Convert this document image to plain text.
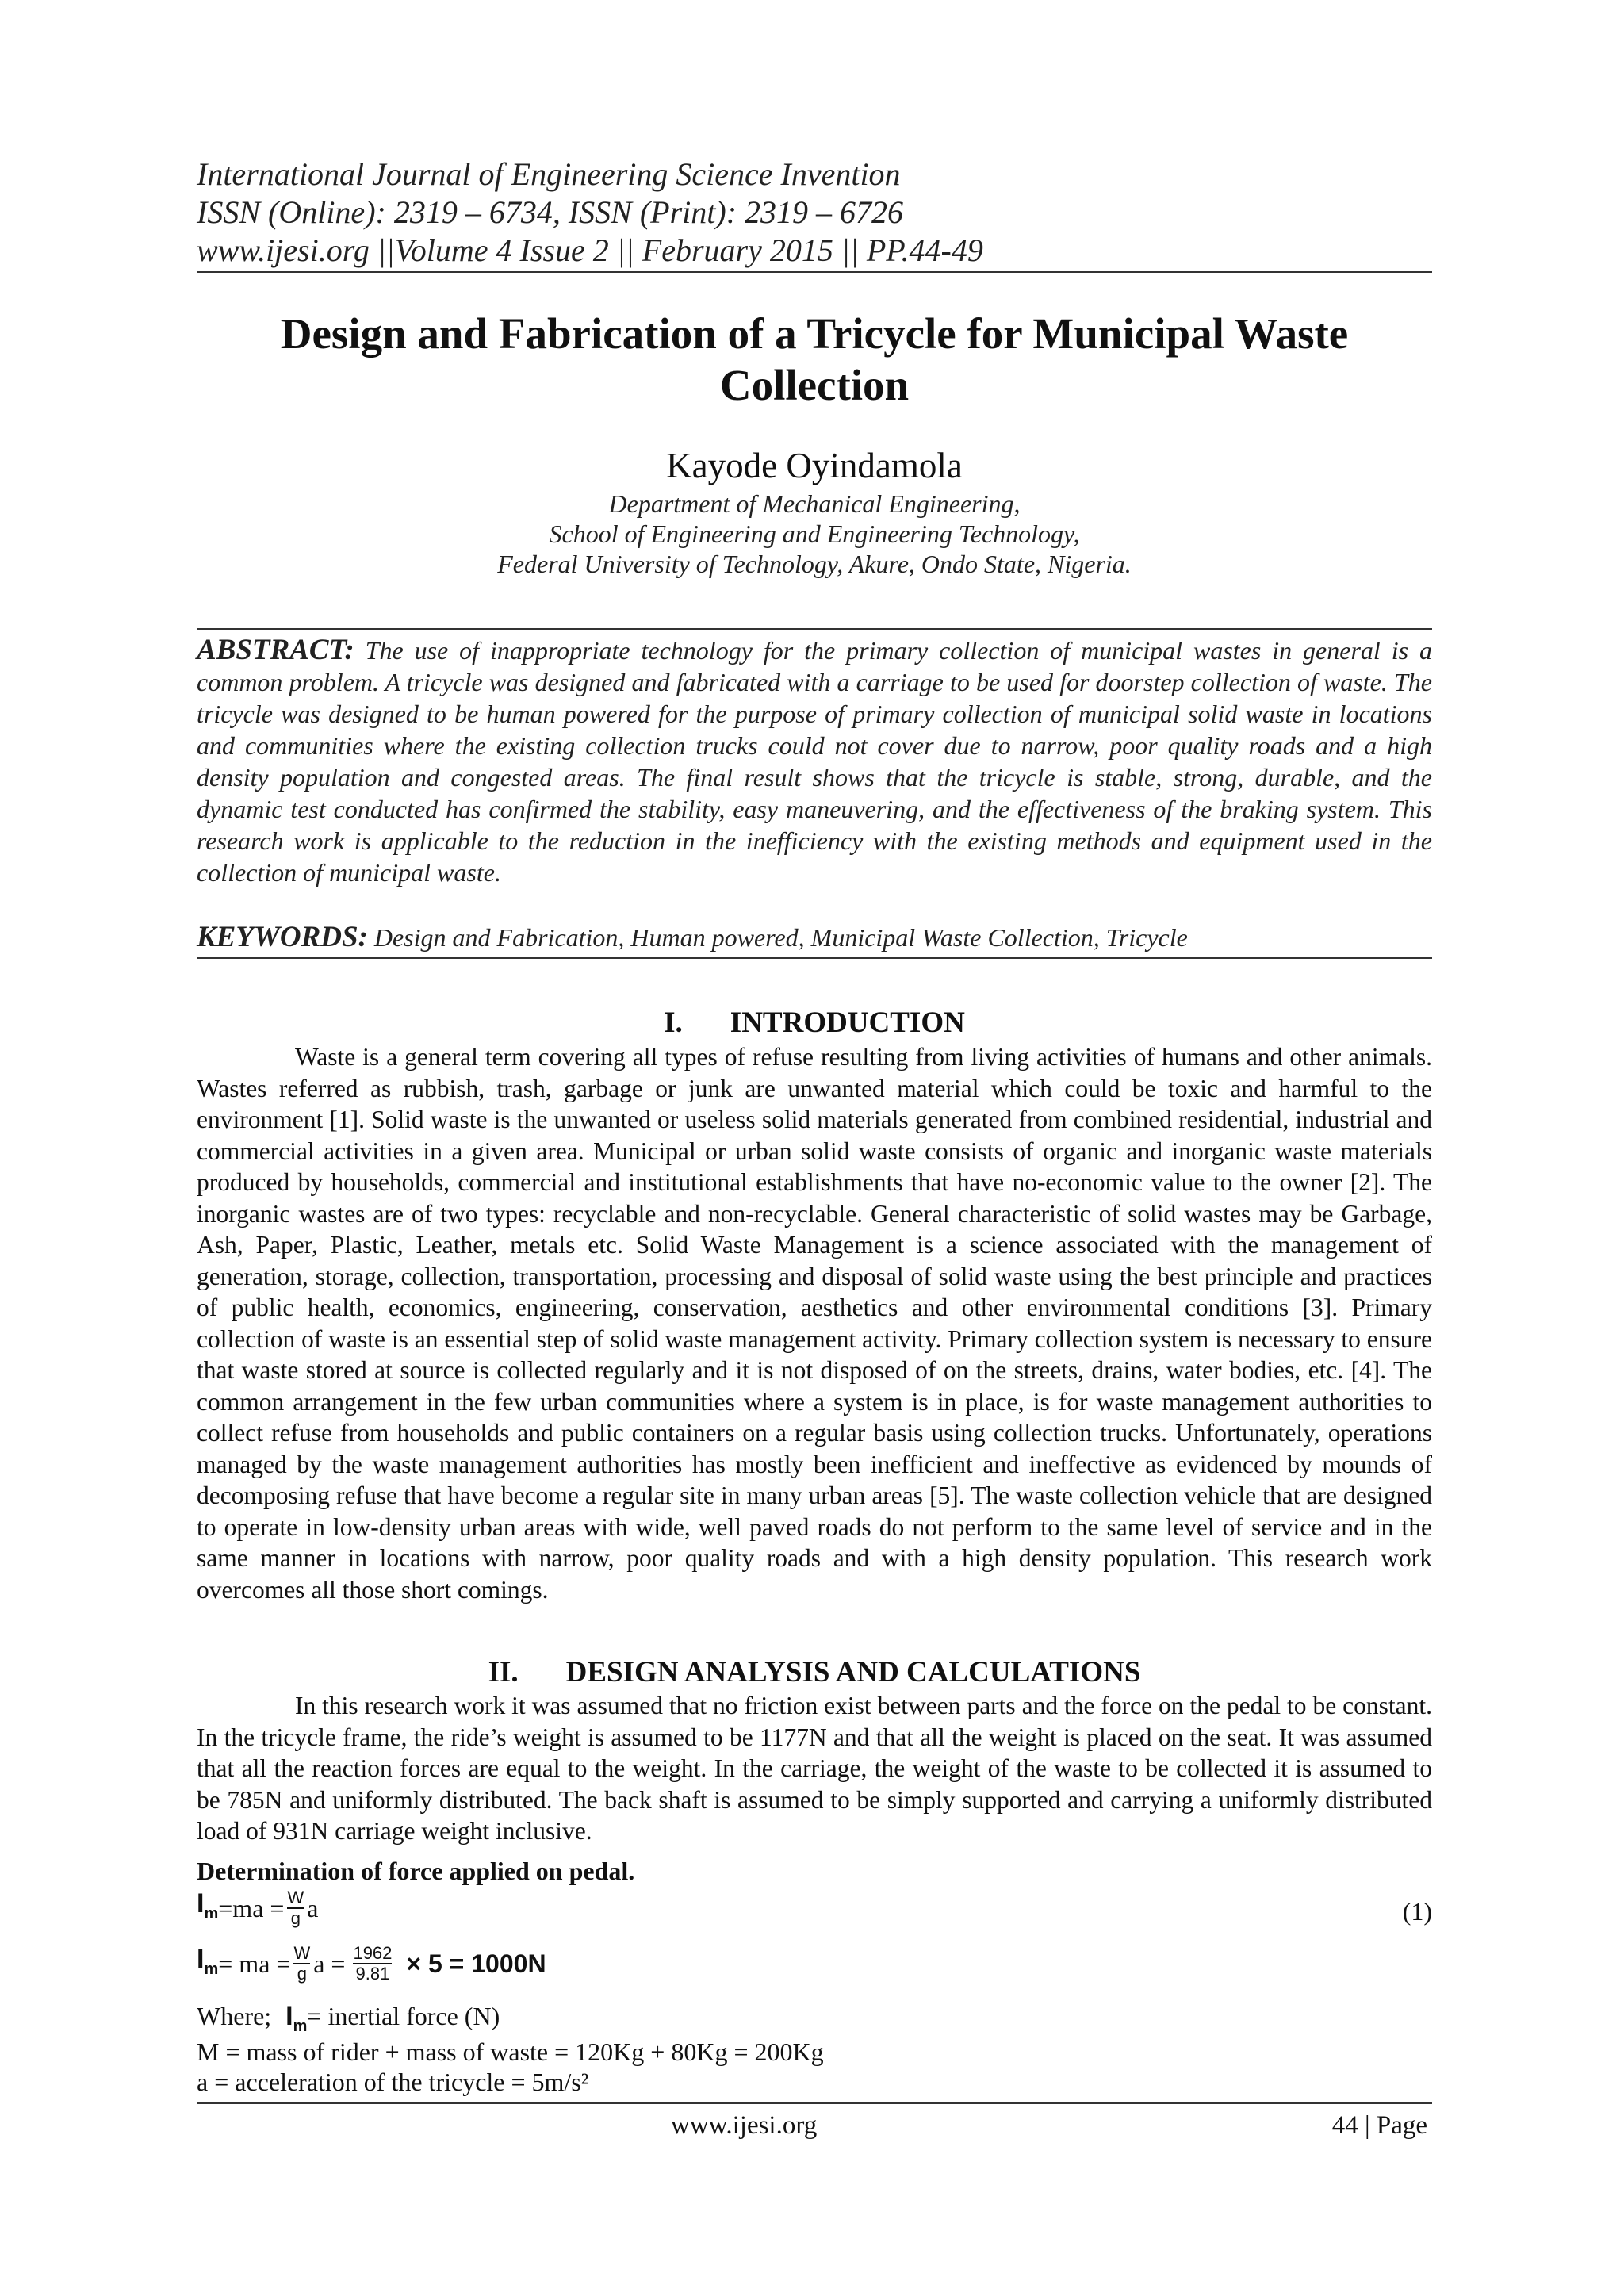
International Journal of Engineering Science Invention
ISSN (Online): 2319 – 6734, ISSN (Print): 2319 – 6726
www.ijesi.org ||Volume 4 Issue 2 || February 2015 || PP.44-49
Design and Fabrication of a Tricycle for Municipal Waste
Collection
Kayode Oyindamola
Department of Mechanical Engineering,
School of Engineering and Engineering Technology,
Federal University of Technology, Akure, Ondo State, Nigeria.
ABSTRACT: The use of inappropriate technology for the primary collection of municipal wastes in general is a common problem. A tricycle was designed and fabricated with a carriage to be used for doorstep collection of waste. The tricycle was designed to be human powered for the purpose of primary collection of municipal solid waste in locations and communities where the existing collection trucks could not cover due to narrow, poor quality roads and a high density population and congested areas. The final result shows that the tricycle is stable, strong, durable, and the dynamic test conducted has confirmed the stability, easy maneuvering, and the effectiveness of the braking system. This research work is applicable to the reduction in the inefficiency with the existing methods and equipment used in the collection of municipal waste.
KEYWORDS: Design and Fabrication, Human powered, Municipal Waste Collection, Tricycle
I. INTRODUCTION
Waste is a general term covering all types of refuse resulting from living activities of humans and other animals. Wastes referred as rubbish, trash, garbage or junk are unwanted material which could be toxic and harmful to the environment [1]. Solid waste is the unwanted or useless solid materials generated from combined residential, industrial and commercial activities in a given area. Municipal or urban solid waste consists of organic and inorganic waste materials produced by households, commercial and institutional establishments that have no-economic value to the owner [2]. The inorganic wastes are of two types: recyclable and non-recyclable. General characteristic of solid wastes may be Garbage, Ash, Paper, Plastic, Leather, metals etc. Solid Waste Management is a science associated with the management of generation, storage, collection, transportation, processing and disposal of solid waste using the best principle and practices of public health, economics, engineering, conservation, aesthetics and other environmental conditions [3]. Primary collection of waste is an essential step of solid waste management activity. Primary collection system is necessary to ensure that waste stored at source is collected regularly and it is not disposed of on the streets, drains, water bodies, etc. [4]. The common arrangement in the few urban communities where a system is in place, is for waste management authorities to collect refuse from households and public containers on a regular basis using collection trucks. Unfortunately, operations managed by the waste management authorities has mostly been inefficient and ineffective as evidenced by mounds of decomposing refuse that have become a regular site in many urban areas [5]. The waste collection vehicle that are designed to operate in low-density urban areas with wide, well paved roads do not perform to the same level of service and in the same manner in locations with narrow, poor quality roads and with a high density population. This research work overcomes all those short comings.
II. DESIGN ANALYSIS AND CALCULATIONS
In this research work it was assumed that no friction exist between parts and the force on the pedal to be constant. In the tricycle frame, the ride’s weight is assumed to be 1177N and that all the weight is placed on the seat. It was assumed that all the reaction forces are equal to the weight. In the carriage, the weight of the waste to be collected it is assumed to be 785N and uniformly distributed. The back shaft is assumed to be simply supported and carrying a uniformly distributed load of 931N carriage weight inclusive.
Determination of force applied on pedal.
$I_m =ma = \frac{W}{g}$ a	(1)
$I_m$ = ma = $\frac{W}{g}$ $a = \frac{1962}{9.81} \times 5 = 1000N$
Where; $I_m=$ inertial force (N)
M = mass of rider + mass of waste = 120Kg + 80Kg = 200Kg
a = acceleration of the tricycle = 5m/s²
www.ijesi.org	44 | Page
